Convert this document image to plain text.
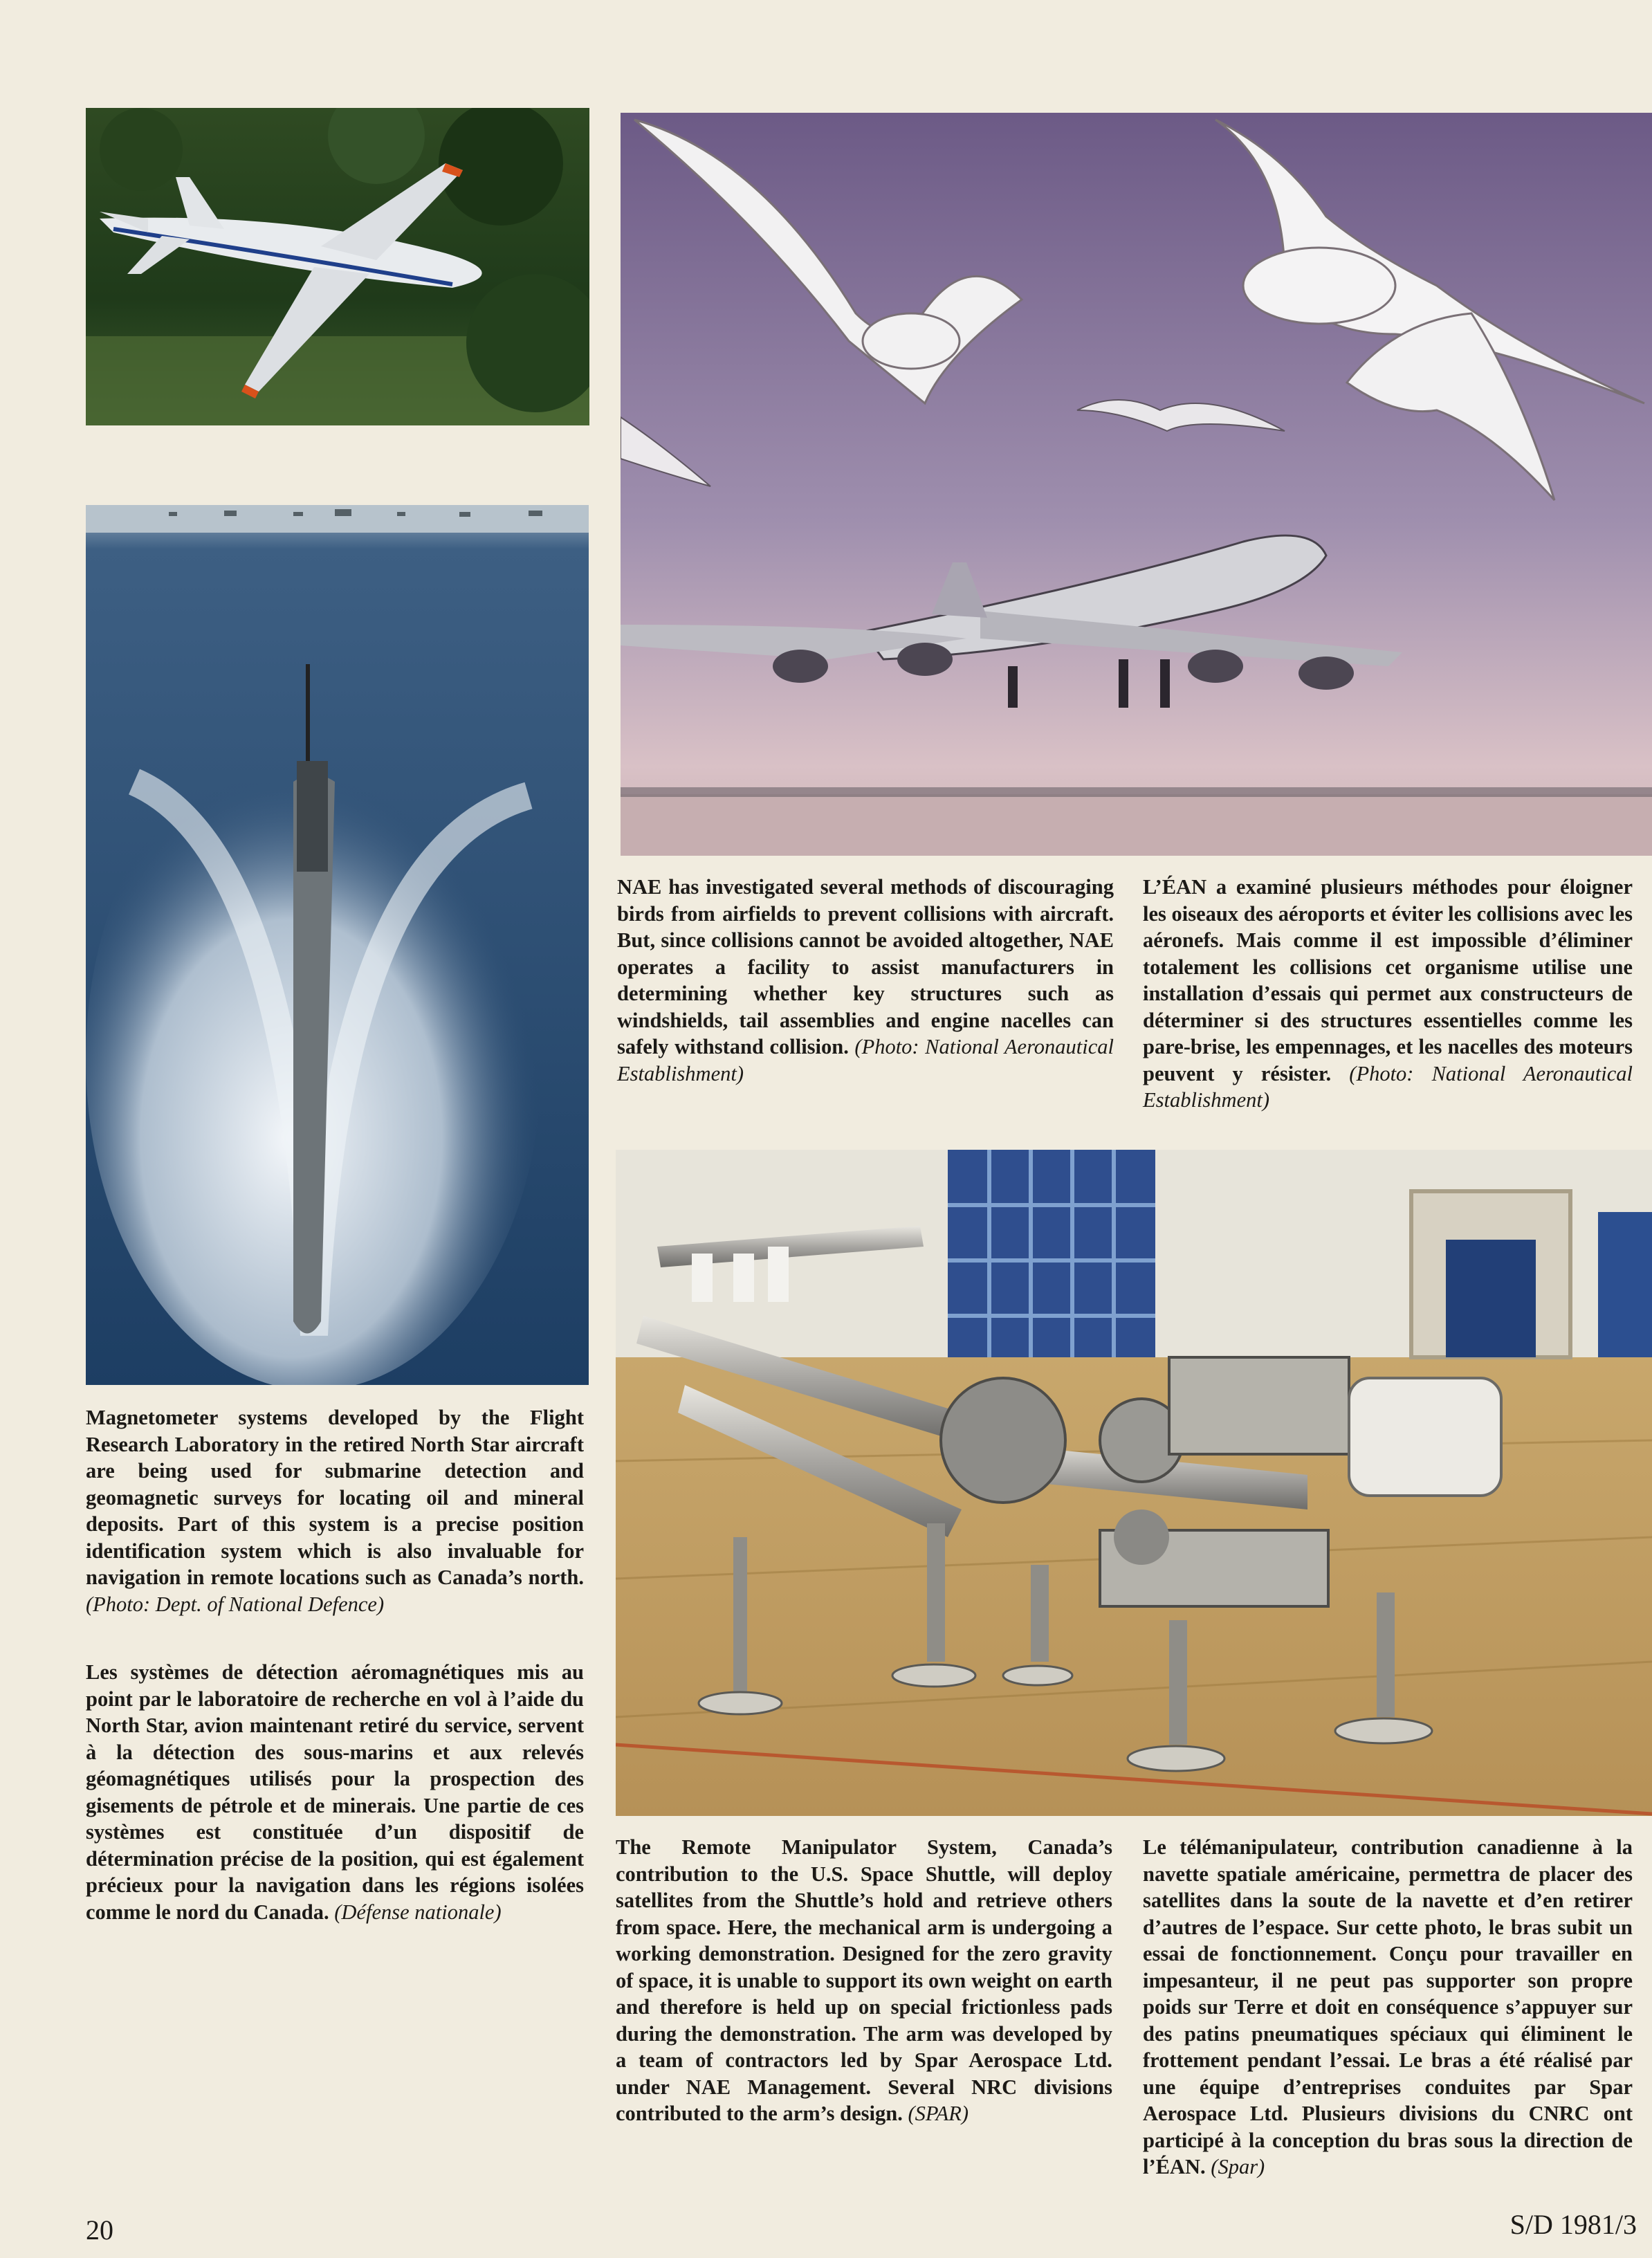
NAE has investigated several methods of discouraging birds from airfields to prevent collisions with aircraft. But, since collisions cannot be avoided altogether, NAE operates a facility to assist manufacturers in determining whether key structures such as windshields, tail assemblies and engine nacelles can safely withstand collision. (Photo: National Aeronautical Establishment)

L’ÉAN a examiné plusieurs méthodes pour éloigner les oiseaux des aéroports et éviter les collisions avec les aéronefs. Mais comme il est impossible d’éliminer totalement les collisions cet organisme utilise une installation d’essais qui permet aux constructeurs de déterminer si des structures essentielles comme les pare-brise, les empennages, et les nacelles des moteurs peuvent y résister. (Photo: National Aeronautical Establishment)

Magnetometer systems developed by the Flight Research Laboratory in the retired North Star aircraft are being used for submarine detection and geomagnetic surveys for locating oil and mineral deposits. Part of this system is a precise position identification system which is also invaluable for navigation in remote locations such as Canada’s north. (Photo: Dept. of National Defence)

Les systèmes de détection aéromagnétiques mis au point par le laboratoire de recherche en vol à l’aide du North Star, avion maintenant retiré du service, servent à la détection des sous-marins et aux relevés géomagnétiques utilisés pour la prospection des gisements de pétrole et de minerais. Une partie de ces systèmes est constituée d’un dispositif de détermination précise de la position, qui est également précieux pour la navigation dans les régions isolées comme le nord du Canada. (Défense nationale)

The Remote Manipulator System, Canada’s contribution to the U.S. Space Shuttle, will deploy satellites from the Shuttle’s hold and retrieve others from space. Here, the mechanical arm is undergoing a working demonstration. Designed for the zero gravity of space, it is unable to support its own weight on earth and therefore is held up on special frictionless pads during the demonstration. The arm was developed by a team of contractors led by Spar Aerospace Ltd. under NAE Management. Several NRC divisions contributed to the arm’s design. (SPAR)

Le télémanipulateur, contribution canadienne à la navette spatiale américaine, permettra de placer des satellites dans la soute de la navette et d’en retirer d’autres de l’espace. Sur cette photo, le bras subit un essai de fonctionnement. Conçu pour travailler en impesanteur, il ne peut pas supporter son propre poids sur Terre et doit en conséquence s’appuyer sur des patins pneumatiques spéciaux qui éliminent le frottement pendant l’essai. Le bras a été réalisé par une équipe d’entreprises conduites par Spar Aerospace Ltd. Plusieurs divisions du CNRC ont participé à la conception du bras sous la direction de l’ÉAN. (Spar)

20	S/D 1981/3
